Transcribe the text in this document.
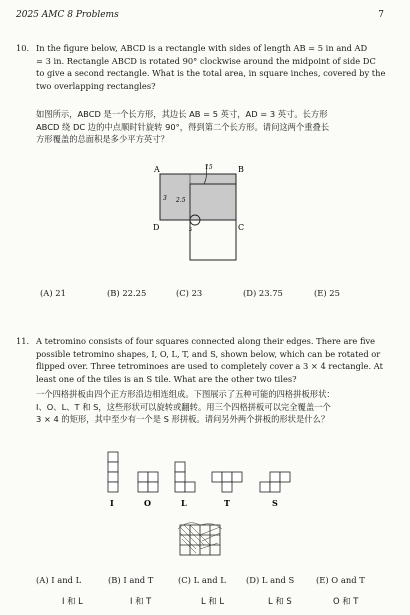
2025 AMC 8 Problems	7
10. In the figure below, ABCD is a rectangle with sides of length AB = 5 in and AD
= 3 in. Rectangle ABCD is rotated 90° clockwise around the midpoint of side DC
to give a second rectangle. What is the total area, in square inches, covered by the
two overlapping rectangles?
如图所示，ABCD 是一个长方形，其边长 AB = 5 英寸，AD = 3 英寸。长方形
ABCD 绕 DC 边的中点顺时针旋转 90°，得到第二个长方形。请问这两个重叠长
方形覆盖的总面积是多少平方英寸？
A	B
C
D
15
3 2.5
5
(A) 21	(B) 22.25	(C) 23	(D) 23.75	(E) 25
11. A tetromino consists of four squares connected along their edges. There are five
possible tetromino shapes, I, O, L, T, and S, shown below, which can be rotated or
flipped over. Three tetrominoes are used to completely cover a 3 × 4 rectangle. At
least one of the tiles is an S tile. What are the other two tiles?
一个四格拼板由四个正方形沿边相连组成。下图展示了五种可能的四格拼板形状：
I、O、L、T 和 S，这些形状可以旋转或翻转。用三个四格拼板可以完全覆盖一个
3 × 4 的矩形，其中至少有一个是 S 形拼板。请问另外两个拼板的形状是什么？
I	O	L	T	S
(A) I and L	(B) I and T	(C) L and L (D) L and S	(E) O and T
I 和 L	I 和 T	L 和 L	L 和 S	O 和 T
